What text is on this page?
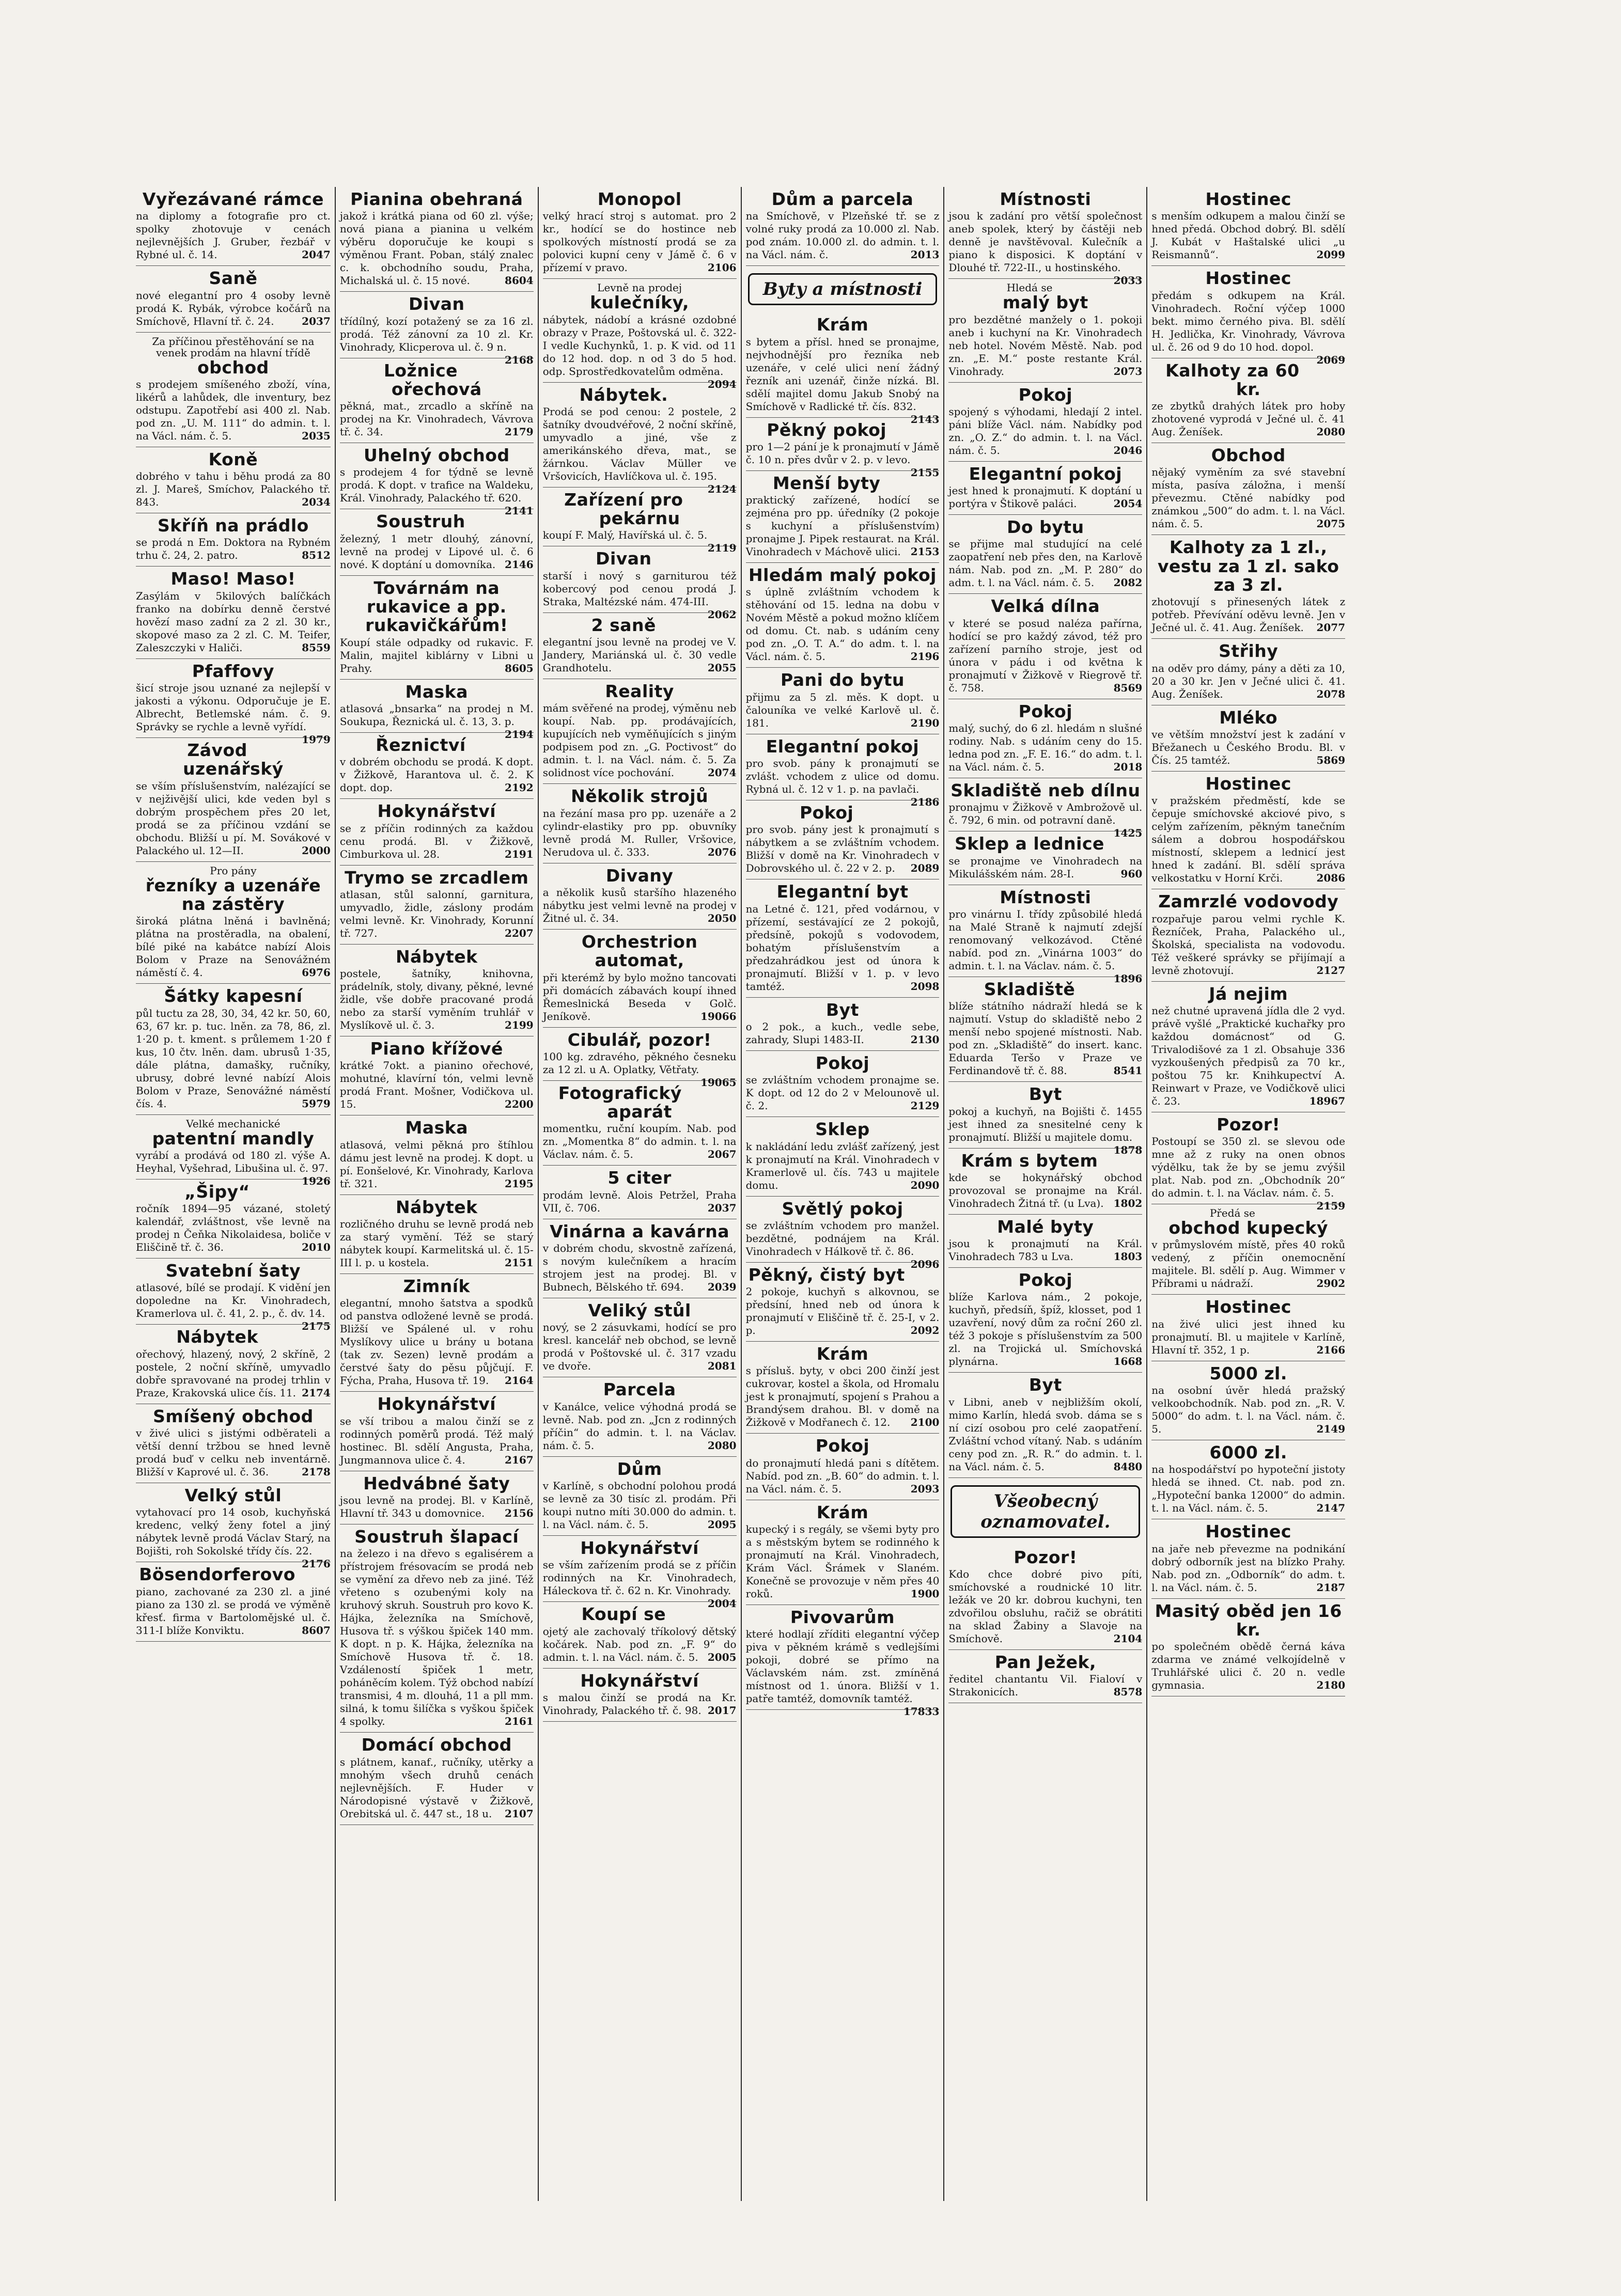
Vyřezávané rámce

na diplomy a fotografie pro ct. spolky zhotovuje v cenách nejlevnějších J. Gruber, řezbář v Rybné ul. č. 14.	2047

Saně

nové elegantní pro 4 osoby levně prodá K. Rybák, výrobce kočárů na Smíchově, Hlavní tř. č. 24.	2037

Za příčinou přestěhování se na venek prodám na hlavní třídě
obchod

s prodejem smíšeného zboží, vína, likérů a lahůdek, dle inventury, bez odstupu. Zapotřebí asi 400 zl. Nab. pod zn. „U. M. 111“ do admin. t. l. na Václ. nám. č. 5.	2035

Koně

dobrého v tahu i běhu prodá za 80 zl. J. Mareš, Smíchov, Palackého tř. 843.	2034

Skříň na prádlo

se prodá n Em. Doktora na Rybném trhu č. 24, 2. patro.	8512

Maso! Maso!

Zasýlám v 5kilových balíčkách franko na dobírku denně čerstvé hovězí maso zadní za 2 zl. 30 kr., skopové maso za 2 zl. C. M. Teifer, Zaleszczyki v Haliči.	8559

Pfaffovy

šicí stroje jsou uznané za nejlepší v jakosti a výkonu. Odporučuje je E. Albrecht, Betlemské nám. č. 9. Správky se rychle a levně vyřídí.
1979

Závod uzenářský

se vším příslušenstvím, nalézající se v nejživější ulici, kde veden byl s dobrým prospěchem přes 20 let, prodá se za příčinou vzdání se obchodu. Bližší u pí. M. Sovákové v Palackého ul. 12—II.	2000

Pro pány
řezníky a uzenáře na zástěry

široká plátna lněná i bavlněná; plátna na prostěradla, na obalení, bílé piké na kabátce nabízí Alois Bolom v Praze na Senovážném náměstí č. 4.	6976

Šátky kapesní

půl tuctu za 28, 30, 34, 42 kr. 50, 60, 63, 67 kr. p. tuc. lněn. za 78, 86, zl. 1·20 p. t. kment. s průlemem 1·20 f kus, 10 čtv. lněn. dam. ubrusů 1·35, dále plátna, damašky, ručníky, ubrusy, dobré levné nabízí Alois Bolom v Praze, Senovážné náměstí čís. 4.	5979

Velké mechanické
patentní mandly

vyrábí a prodává od 180 zl. výše A. Heyhal, Vyšehrad, Libušina ul. č. 97.
1926

„Šipy“

ročník 1894—95 vázané, stoletý kalendář, zvláštnost, vše levně na prodej n Čeňka Nikolaidesa, boliče v Eliščině tř. č. 36.	2010

Svatební šaty

atlasové, bílé se prodají. K vidění jen dopoledne na Kr. Vinohradech, Kramerlova ul. č. 41, 2. p., č. dv. 14.
2175

Nábytek

ořechový, hlazený, nový, 2 skříně, 2 postele, 2 noční skříně, umyvadlo dobře spravované na prodej trhlin v Praze, Krakovská ulice čís. 11. 2174

Smíšený obchod

v živé ulici s jistými odběrateli a větší denní tržbou se hned levně prodá buď v celku neb inventárně. Bližší v Kaprové ul. č. 36.	2178

Velký stůl

vytahovací pro 14 osob, kuchyňská kredenc, velký ženy fotel a jiný nábytek levně prodá Václav Starý, na Bojišti, roh Sokolské třídy čís. 22.
2176

Bösendorferovo

piano, zachované za 230 zl. a jiné piano za 130 zl. se prodá ve výměně křesť. firma v Bartolomějské ul. č. 311-I blíže Konviktu.	8607

Pianina obehraná

jakož i krátká piana od 60 zl. výše; nová piana a pianina u velkém výběru doporučuje ke koupi s výměnou Frant. Poban, stálý znalec c. k. obchodního soudu, Praha, Michalská ul. č. 15 nové.	8604

Divan

třídílný, kozí potažený se za 16 zl. prodá. Též zánovní za 10 zl. Kr. Vinohrady, Klicperova ul. č. 9 n.
2168

Ložnice ořechová

pěkná, mat., zrcadlo a skříně na prodej na Kr. Vinohradech, Vávrova tř. č. 34.	2179

Uhelný obchod

s prodejem 4 for týdně se levně prodá. K dopt. v trafice na Waldeku, Král. Vinohrady, Palackého tř. 620.
2141

Soustruh

železný, 1 metr dlouhý, zánovní, levně na prodej v Lipové ul. č. 6 nové. K doptání u domovníka. 2146

Továrnám na rukavice a pp. rukavičkářům!

Koupí stále odpadky od rukavic. F. Malin, majitel kiblárny v Libni u Prahy.	8605

Maska

atlasová „bnsarka“ na prodej n M. Soukupa, Řeznická ul. č. 13, 3. p.
2194

Řeznictví

v dobrém obchodu se prodá. K dopt. v Žižkově, Harantova ul. č. 2. K dopt. dop.	2192

Hokynářství

se z příčin rodinných za každou cenu prodá. Bl. v Žižkově, Cimburkova ul. 28.	2191

Trymo se zrcadlem

atlasan, stůl salonní, garnitura, umyvadlo, židle, záslony prodám velmi levně. Kr. Vinohrady, Korunní tř. 727.	2207

Nábytek

postele, šatníky, knihovna, prádelník, stoly, divany, pěkné, levné židle, vše dobře pracované prodá nebo za starší vyměním truhlář v Myslíkově ul. č. 3.	2199

Piano křížové

krátké 7okt. a pianino ořechové, mohutné, klavírní tón, velmi levně prodá Frant. Mošner, Vodičkova ul. 15.	2200

Maska

atlasová, velmi pěkná pro štíhlou dámu jest levně na prodej. K dopt. u pí. Eonšelové, Kr. Vinohrady, Karlova tř. 321.	2195

Nábytek

rozličného druhu se levně prodá neb za starý vymění. Též se starý nábytek koupí. Karmelitská ul. č. 15-III l. p. u kostela.	2151

Zimník

elegantní, mnoho šatstva a spodků od panstva odložené levně se prodá. Bližší ve Spálené ul. v rohu Myslíkovy ulice u brány u botana (tak zv. Sezen) levně prodám a čerstvé šaty do pěsu půjčují. F. Fýcha, Praha, Husova tř. 19.	2164

Hokynářství

se vší tribou a malou činží se z rodinných poměrů prodá. Též malý hostinec. Bl. sdělí Angusta, Praha, Jungmannova ulice č. 4.	2167

Hedvábné šaty

jsou levně na prodej. Bl. v Karlíně, Hlavní tř. 343 u domovnice.	2156

Soustruh šlapací

na železo i na dřevo s egalisérem a přístrojem frésovacím se prodá neb se vymění za dřevo neb za jiné. Též vřeteno s ozubenými koly na kruhový skruh. Soustruh pro kovo K. Hájka, železníka na Smíchově, Husova tř. s výškou špiček 140 mm. K dopt. n p. K. Hájka, železníka na Smíchově Husova tř. č. 18. Vzdáleností špiček 1 metr, poháněcím kolem. Týž obchod nabízí transmisi, 4 m. dlouhá, 11 a pll mm. silná, k tomu šilíčka s vyškou špiček 4 spolky.	2161

Domácí obchod

s plátnem, kanaf., ručníky, utěrky a mnohým všech druhů cenách nejlevnějších. F. Huder v Národopisné výstavě v Žižkově, Orebitská ul. č. 447 st., 18 u.	2107

Monopol

velký hrací stroj s automat. pro 2 kr., hodící se do hostince neb spolkových místností prodá se za polovici kupní ceny v Jámě č. 6 v přízemí v pravo.	2106

Levně na prodej
kulečníky,

nábytek, nádobí a krásné ozdobné obrazy v Praze, Poštovská ul. č. 322-I vedle Kuchynků, 1. p. K vid. od 11 do 12 hod. dop. n od 3 do 5 hod. odp. Sprostředkovatelům odměna.
2094

Nábytek.

Prodá se pod cenou: 2 postele, 2 šatníky dvoudvéřové, 2 noční skříně, umyvadlo a jiné, vše z amerikánského dřeva, mat., se žárnkou. Václav Müller ve Vršovicích, Havlíčkova ul. č. 195.
2124

Zařízení pro pekárnu

koupí F. Malý, Havířská ul. č. 5.
2119

Divan

starší i nový s garniturou též kobercový pod cenou prodá J. Straka, Maltézské nám. 474-III.
2062

2 saně

elegantní jsou levně na prodej ve V. Jandery, Mariánská ul. č. 30 vedle Grandhotelu.	2055

Reality

mám svěřené na prodej, výměnu neb koupí. Nab. pp. prodávajících, kupujících neb vyměňujících s jiným podpisem pod zn. „G. Poctivost“ do admin. t. l. na Václ. nám. č. 5. Za solidnost více pochování.	2074

Několik strojů

na řezání masa pro pp. uzenáře a 2 cylindr-elastiky pro pp. obuvníky levně prodá M. Ruller, Vršovice, Nerudova ul. č. 333.	2076

Divany

a několik kusů staršího hlazeného nábytku jest velmi levně na prodej v Žitné ul. č. 34.	2050

Orchestrion automat,

při kterémž by bylo možno tancovati při domácích zábavách koupí ihned Řemeslnická Beseda v Golč. Jeníkově.	19066

Cibulář, pozor!

100 kg. zdravého, pěkného česneku za 12 zl. u A. Oplatky, Větřaty.
19065

Fotografický aparát

momentku, ruční koupím. Nab. pod zn. „Momentka 8“ do admin. t. l. na Václav. nám. č. 5.	2067

5 citer

prodám levně. Alois Petržel, Praha VII, č. 706.	2037

Vinárna a kavárna

v dobrém chodu, skvostně zařízená, s novým kulečníkem a hracím strojem jest na prodej. Bl. v Bubnech, Bělského tř. 694.	2039

Veliký stůl

nový, se 2 zásuvkami, hodící se pro kresl. kancelář neb obchod, se levně prodá v Poštovské ul. č. 317 vzadu ve dvoře.	2081

Parcela

v Kanálce, velice výhodná prodá se levně. Nab. pod zn. „Jcn z rodinných příčin“ do admin. t. l. na Václav. nám. č. 5.	2080

Dům

v Karlíně, s obchodní polohou prodá se levně za 30 tisíc zl. prodám. Při koupi nutno míti 30.000 do admin. t. l. na Václ. nám. č. 5.	2095

Hokynářství

se vším zařízením prodá se z příčin rodinných na Kr. Vinohradech, Háleckova tř. č. 62 n. Kr. Vinohrady.
2004

Koupí se

ojetý ale zachovalý tříkolový dětský kočárek. Nab. pod zn. „F. 9“ do admin. t. l. na Václ. nám. č. 5. 2005

Hokynářství

s malou činží se prodá na Kr. Vinohrady, Palackého tř. č. 98. 2017

Dům a parcela

na Smíchově, v Plzeňské tř. se z volné ruky prodá za 10.000 zl. Nab. pod znám. 10.000 zl. do admin. t. l. na Václ. nám. č.	2013

Byty a místnosti
Krám

s bytem a přísl. hned se pronajme, nejvhodnější pro řezníka neb uzenáře, v celé ulici není žádný řezník ani uzenář, činže nízká. Bl. sdělí majitel domu Jakub Snobý na Smíchově v Radlické tř. čís. 832.
2143

Pěkný pokoj

pro 1—2 pání je k pronajmutí v Jámě č. 10 n. přes dvůr v 2. p. v levo.
2155

Menší byty

praktický zařízené, hodící se zejména pro pp. úředníky (2 pokoje s kuchyní a příslušenstvím) pronajme J. Pipek restaurat. na Král. Vinohradech v Máchově ulici. 2153

Hledám malý pokoj

s úplně zvláštním vchodem k stěhování od 15. ledna na dobu v Novém Městě a pokud možno klíčem od domu. Ct. nab. s udáním ceny pod zn. „O. T. A.“ do adm. t. l. na Václ. nám. č. 5.	2196

Pani do bytu

přijmu za 5 zl. měs. K dopt. u čalouníka ve velké Karlově ul. č. 181.	2190

Elegantní pokoj

pro svob. pány k pronajmutí se zvlášt. vchodem z ulice od domu. Rybná ul. č. 12 v 1. p. na pavlači.
2186

Pokoj

pro svob. pány jest k pronajmutí s nábytkem a se zvláštním vchodem. Bližší v domě na Kr. Vinohradech v Dobrovského ul. č. 22 v 2. p.	2089

Elegantní byt

na Letné č. 121, před vodárnou, v přízemí, sestávající ze 2 pokojů, předsíně, pokojů s vodovodem, bohatým příslušenstvím a předzahrádkou jest od února k pronajmutí. Bližší v 1. p. v levo tamtéž.	2098

Byt

o 2 pok., a kuch., vedle sebe, zahrady, Slupi 1483-II.	2130

Pokoj

se zvláštním vchodem pronajme se. K dopt. od 12 do 2 v Melounově ul. č. 2.	2129

Sklep

k nakládání ledu zvlášť zařízený, jest k pronajmutí na Král. Vinohradech v Kramerlově ul. čís. 743 u majitele domu.	2090

Světlý pokoj

se zvláštním vchodem pro manžel. bezdětné, podnájem na Král. Vinohradech v Hálkově tř. č. 86.
2096

Pěkný, čistý byt

2 pokoje, kuchyň s alkovnou, se předsíní, hned neb od února k pronajmutí v Eliščině tř. č. 25-I, v 2. p.	2092

Krám

s přísluš. byty, v obci 200 činží jest cukrovar, kostel a škola, od Hromalu jest k pronajmutí, spojení s Prahou a Brandýsem drahou. Bl. v domě na Žižkově v Modřanech č. 12.	2100

Pokoj

do pronajmutí hledá pani s dítětem. Nabíd. pod zn. „B. 60“ do admin. t. l. na Václ. nám. č. 5.	2093

Krám

kupecký i s regály, se všemi byty pro a s městským bytem se rodinného k pronajmutí na Král. Vinohradech, Krám Václ. Šrámek v Slaném. Konečně se provozuje v něm přes 40 roků.	1900

Pivovarům

které hodlají zříditi elegantní výčep piva v pěkném krámě s vedlejšími pokoji, dobré se přímo na Václavském nám. zst. zmíněná místnost od 1. února. Bližší v 1. patře tamtéž, domovník tamtéž.
17833

Místnosti

jsou k zadání pro větší společnost aneb spolek, který by částěji neb denně je navštěvoval. Kulečník a piano k disposici. K doptání v Dlouhé tř. 722-II., u hostinského.
2033

Hledá se
malý byt

pro bezdětné manžely o 1. pokoji aneb i kuchyní na Kr. Vinohradech neb hotel. Novém Městě. Nab. pod zn. „E. M.“ poste restante Král. Vinohrady.	2073

Pokoj

spojený s výhodami, hledají 2 intel. páni blíže Václ. nám. Nabídky pod zn. „O. Z.“ do admin. t. l. na Václ. nám. č. 5.	2046

Elegantní pokoj

jest hned k pronajmutí. K doptání u portýra v Štikově paláci.	2054

Do bytu

se přijme mal studující na celé zaopatření neb přes den, na Karlově nám. Nab. pod zn. „M. P. 280“ do adm. t. l. na Václ. nám. č. 5.	2082

Velká dílna

v které se posud naléza pařírna, hodící se pro každý závod, též pro zařízení parního stroje, jest od února v pádu i od května k pronajmutí v Žižkově v Riegrově tř. č. 758.	8569

Pokoj

malý, suchý, do 6 zl. hledám n slušné rodiny. Nab. s udáním ceny do 15. ledna pod zn. „F. E. 16.“ do adm. t. l. na Václ. nám. č. 5.	2018

Skladiště neb dílnu

pronajmu v Žižkově v Ambrožově ul. č. 792, 6 min. od potravní daně.
1425

Sklep a lednice

se pronajme ve Vinohradech na Mikulášském nám. 28-I.	960

Místnosti

pro vinárnu I. třídy způsobilé hledá na Malé Straně k najmutí zdejší renomovaný velkozávod. Ctěné nabíd. pod zn. „Vinárna 1003“ do admin. t. l. na Václav. nám. č. 5.
1896

Skladiště

blíže státního nádraží hledá se k najmutí. Vstup do skladiště nebo 2 menší nebo spojené místnosti. Nab. pod zn. „Skladiště“ do insert. kanc. Eduarda Teršo v Praze ve Ferdinandově tř. č. 88.	8541

Byt

pokoj a kuchyň, na Bojišti č. 1455 jest ihned za snesitelné ceny k pronajmutí. Bližší u majitele domu.
1878

Krám s bytem

kde se hokynářský obchod provozoval se pronajme na Král. Vinohradech Žitná tř. (u Lva). 1802

Malé byty

jsou k pronajmutí na Král. Vinohradech 783 u Lva.	1803

Pokoj

blíže Karlova nám., 2 pokoje, kuchyň, předsíň, špíž, klosset, pod 1 uzavření, nový dům za roční 260 zl. též 3 pokoje s příslušenstvím za 500 zl. na Trojická ul. Smíchovská plynárna.	1668

Byt

v Libni, aneb v nejbližším okolí, mimo Karlín, hledá svob. dáma se s ní cizí osobou pro celé zaopatření. Zvláštní vchod vítaný. Nab. s udáním ceny pod zn. „R. R.“ do admin. t. l. na Václ. nám. č. 5.	8480

Všeobecný oznamovatel.
Pozor!

Kdo chce dobré pivo píti, smíchovské a roudnické 10 litr. ležák ve 20 kr. dobrou kuchyni, ten zdvořilou obsluhu, račiž se obrátiti na sklad Žabiny a Slavoje na Smíchově.	2104

Pan Ježek,

ředitel chantantu Vil. Fialoví v Strakonicích.	8578

Hostinec

s menším odkupem a malou činží se hned předá. Obchod dobrý. Bl. sdělí J. Kubát v Haštalské ulici „u Reismannů“.	2099

Hostinec

předám s odkupem na Král. Vinohradech. Roční výčep 1000 bekt. mimo černého piva. Bl. sdělí H. Jedlička, Kr. Vinohrady, Vávrova ul. č. 26 od 9 do 10 hod. dopol.
2069

Kalhoty za 60 kr.

ze zbytků drahých látek pro hoby zhotovené vyprodá v Ječné ul. č. 41 Aug. Ženíšek.	2080

Obchod

nějaký vyměním za své stavební místa, pasíva záložna, i menší převezmu. Ctěné nabídky pod známkou „500“ do adm. t. l. na Václ. nám. č. 5.	2075

Kalhoty za 1 zl., vestu za 1 zl. sako za 3 zl.

zhotovují s přinesených látek z potřeb. Převívání oděvu levně. Jen v Ječné ul. č. 41. Aug. Ženíšek.	2077

Střihy

na oděv pro dámy, pány a děti za 10, 20 a 30 kr. Jen v Ječné ulici č. 41. Aug. Ženíšek.	2078

Mléko

ve větším množství jest k zadání v Břežanech u Českého Brodu. Bl. v Čís. 25 tamtéž.	5869

Hostinec

v pražském předměstí, kde se čepuje smíchovské akciové pivo, s celým zařízením, pěkným tanečním sálem a dobrou hospodářskou místností, sklepem a lednicí jest hned k zadání. Bl. sdělí správa velkostatku v Horní Krči.	2086

Zamrzlé vodovody

rozpařuje parou velmi rychle K. Řezníček, Praha, Palackého ul., Školská, specialista na vodovodu. Též veškeré správky se přijímají a levně zhotovují.	2127

Já nejim

než chutné upravená jídla dle 2 vyd. právě vyšlé „Praktické kuchařky pro každou domácnost“ od G. Trivalodišové za 1 zl. Obsahuje 336 vyzkoušených předpisů za 70 kr., poštou 75 kr. Knihkupectví A. Reinwart v Praze, ve Vodičkově ulici č. 23.	18967

Pozor!

Postoupí se 350 zl. se slevou ode mne až z ruky na onen obnos výdělku, tak že by se jemu zvýšil plat. Nab. pod zn. „Obchodník 20“ do admin. t. l. na Václav. nám. č. 5.
2159

Předá se
obchod kupecký

v průmyslovém místě, přes 40 roků vedený, z příčin onemocnění majitele. Bl. sdělí p. Aug. Wimmer v Příbrami u nádraží.	2902

Hostinec

na živé ulici jest ihned ku pronajmutí. Bl. u majitele v Karlíně, Hlavní tř. 352, 1 p.	2166

5000 zl.

na osobní úvěr hledá pražský velkoobchodník. Nab. pod zn. „R. V. 5000“ do adm. t. l. na Václ. nám. č. 5.	2149

6000 zl.

na hospodářství po hypoteční jistoty hledá se ihned. Ct. nab. pod zn. „Hypoteční banka 12000“ do admin. t. l. na Václ. nám. č. 5.	2147

Hostinec

na jaře neb převezme na podnikání dobrý odborník jest na blízko Prahy. Nab. pod zn. „Odborník“ do adm. t. l. na Václ. nám. č. 5.	2187

Masitý oběd jen 16 kr.

po společném obědě černá káva zdarma ve známé velkojídelně v Truhlářské ulici č. 20 n. vedle gymnasia.	2180
